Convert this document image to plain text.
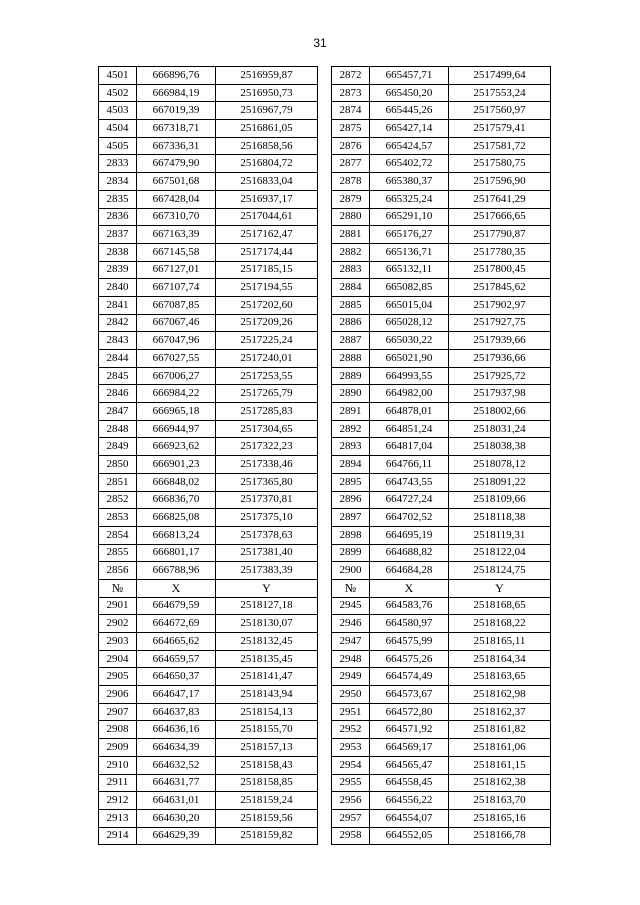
31
4501	666896,76	2516959,87		2872	665457,71	2517499,64
4502	666984,19	2516950,73		2873	665450,20	2517553,24
4503	667019,39	2516967,79		2874	665445,26	2517560,97
4504	667318,71	2516861,05		2875	665427,14	2517579,41
4505	667336,31	2516858,56		2876	665424,57	2517581,72
2833	667479,90	2516804,72		2877	665402,72	2517580,75
2834	667501,68	2516833,04		2878	665380,37	2517596,90
2835	667428,04	2516937,17		2879	665325,24	2517641,29
2836	667310,70	2517044,61		2880	665291,10	2517666,65
2837	667163,39	2517162,47		2881	665176,27	2517790,87
2838	667145,58	2517174,44		2882	665136,71	2517780,35
2839	667127,01	2517185,15		2883	665132,11	2517800,45
2840	667107,74	2517194,55		2884	665082,85	2517845,62
2841	667087,85	2517202,60		2885	665015,04	2517902,97
2842	667067,46	2517209,26		2886	665028,12	2517927,75
2843	667047,96	2517225,24		2887	665030,22	2517939,66
2844	667027,55	2517240,01		2888	665021,90	2517936,66
2845	667006,27	2517253,55		2889	664993,55	2517925,72
2846	666984,22	2517265,79		2890	664982,00	2517937,98
2847	666965,18	2517285,83		2891	664878,01	2518002,66
2848	666944,97	2517304,65		2892	664851,24	2518031,24
2849	666923,62	2517322,23		2893	664817,04	2518038,38
2850	666901,23	2517338,46		2894	664766,11	2518078,12
2851	666848,02	2517365,80		2895	664743,55	2518091,22
2852	666836,70	2517370,81		2896	664727,24	2518109,66
2853	666825,08	2517375,10		2897	664702,52	2518118,38
2854	666813,24	2517378,63		2898	664695,19	2518119,31
2855	666801,17	2517381,40		2899	664688,82	2518122,04
2856	666788,96	2517383,39		2900	664684,28	2518124,75
№	X	Y		№	X	Y
2901	664679,59	2518127,18		2945	664583,76	2518168,65
2902	664672,69	2518130,07		2946	664580,97	2518168,22
2903	664665,62	2518132,45		2947	664575,99	2518165,11
2904	664659,57	2518135,45		2948	664575,26	2518164,34
2905	664650,37	2518141,47		2949	664574,49	2518163,65
2906	664647,17	2518143,94		2950	664573,67	2518162,98
2907	664637,83	2518154,13		2951	664572,80	2518162,37
2908	664636,16	2518155,70		2952	664571,92	2518161,82
2909	664634,39	2518157,13		2953	664569,17	2518161,06
2910	664632,52	2518158,43		2954	664565,47	2518161,15
2911	664631,77	2518158,85		2955	664558,45	2518162,38
2912	664631,01	2518159,24		2956	664556,22	2518163,70
2913	664630,20	2518159,56		2957	664554,07	2518165,16
2914	664629,39	2518159,82		2958	664552,05	2518166,78
